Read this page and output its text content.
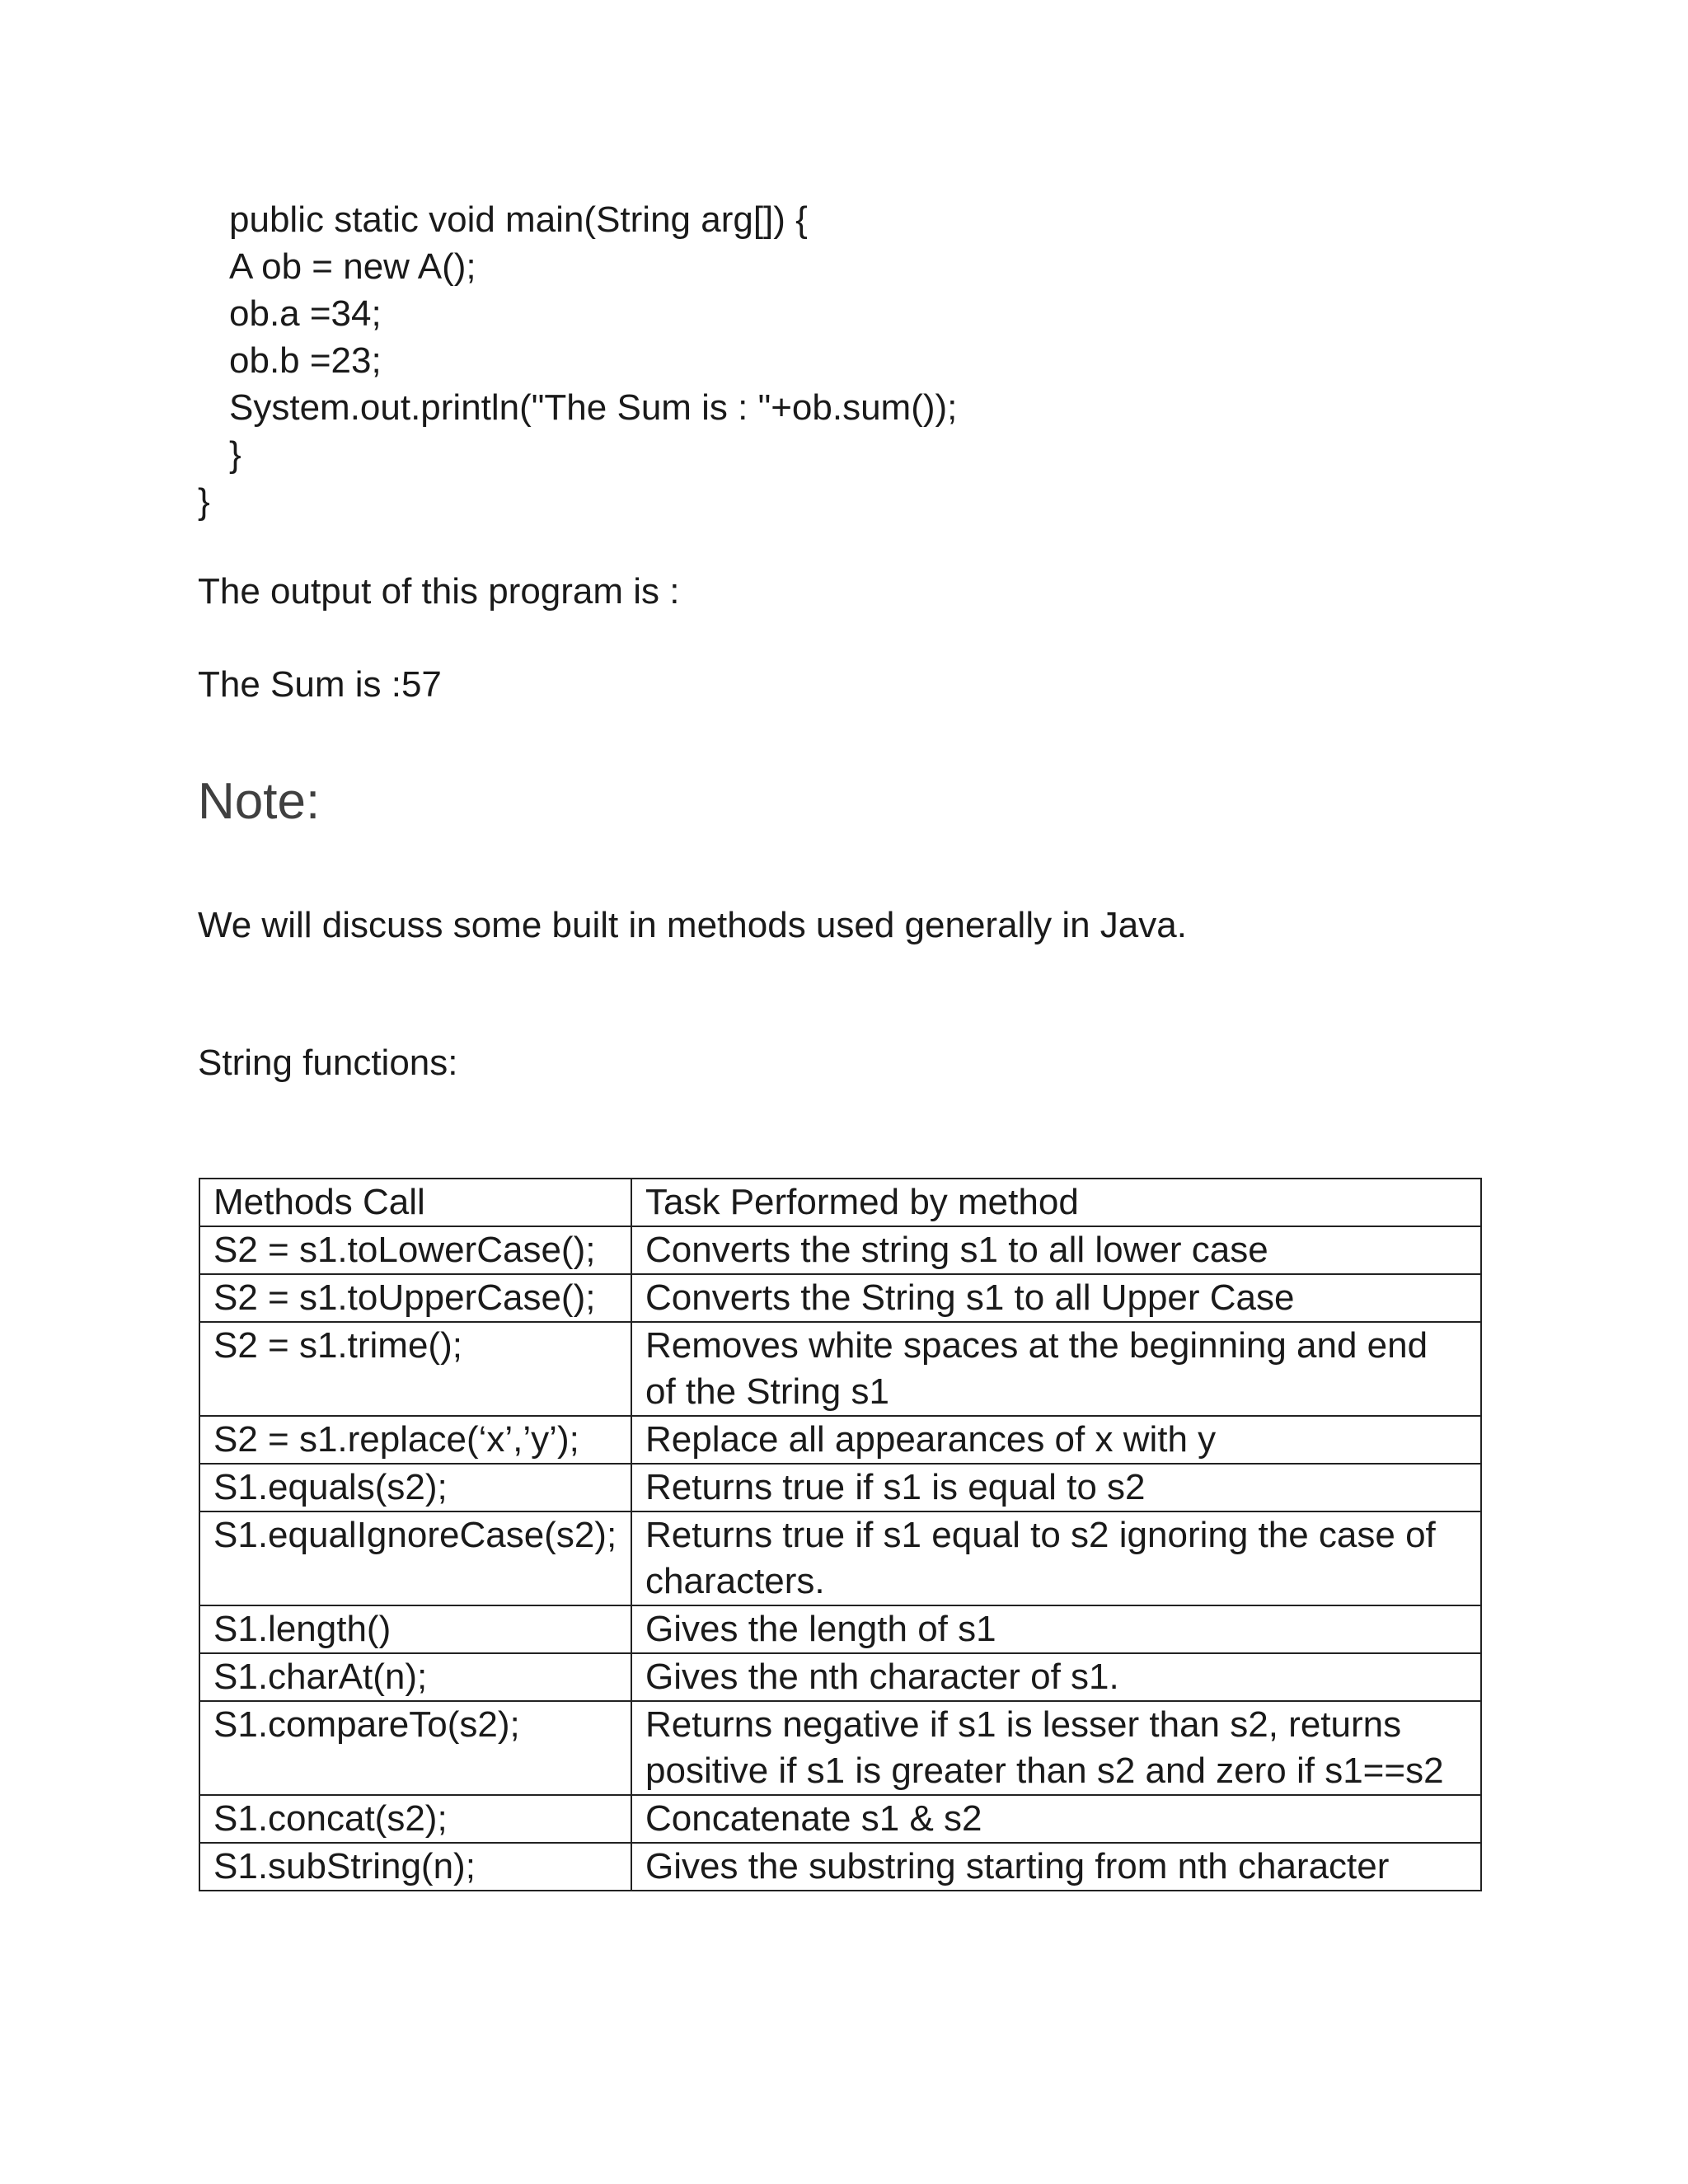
public static void main(String arg[]) {
A ob = new A();
ob.a =34;
ob.b =23;
System.out.println("The Sum is : "+ob.sum());
}
}
The output of this program is :
The Sum is :57
Note:
We will discuss some built in methods used generally in Java.
String functions:
Methods Call	Task Performed by method
S2 = s1.toLowerCase();	Converts the string s1 to all lower case
S2 = s1.toUpperCase();	Converts the String s1 to all Upper Case
S2 = s1.trime();	Removes white spaces at the beginning and end of the String s1
S2 = s1.replace(‘x’,’y’);	Replace all appearances of x with y
S1.equals(s2);	Returns true if s1 is equal to s2
S1.equalIgnoreCase(s2);	Returns true if s1 equal to s2 ignoring the case of characters.
S1.length()	Gives the length of s1
S1.charAt(n);	Gives the nth character of s1.
S1.compareTo(s2);	Returns negative if s1 is lesser than s2, returns positive if s1 is greater than s2 and zero if s1==s2
S1.concat(s2);	Concatenate s1 & s2
S1.subString(n);	Gives the substring starting from nth character
